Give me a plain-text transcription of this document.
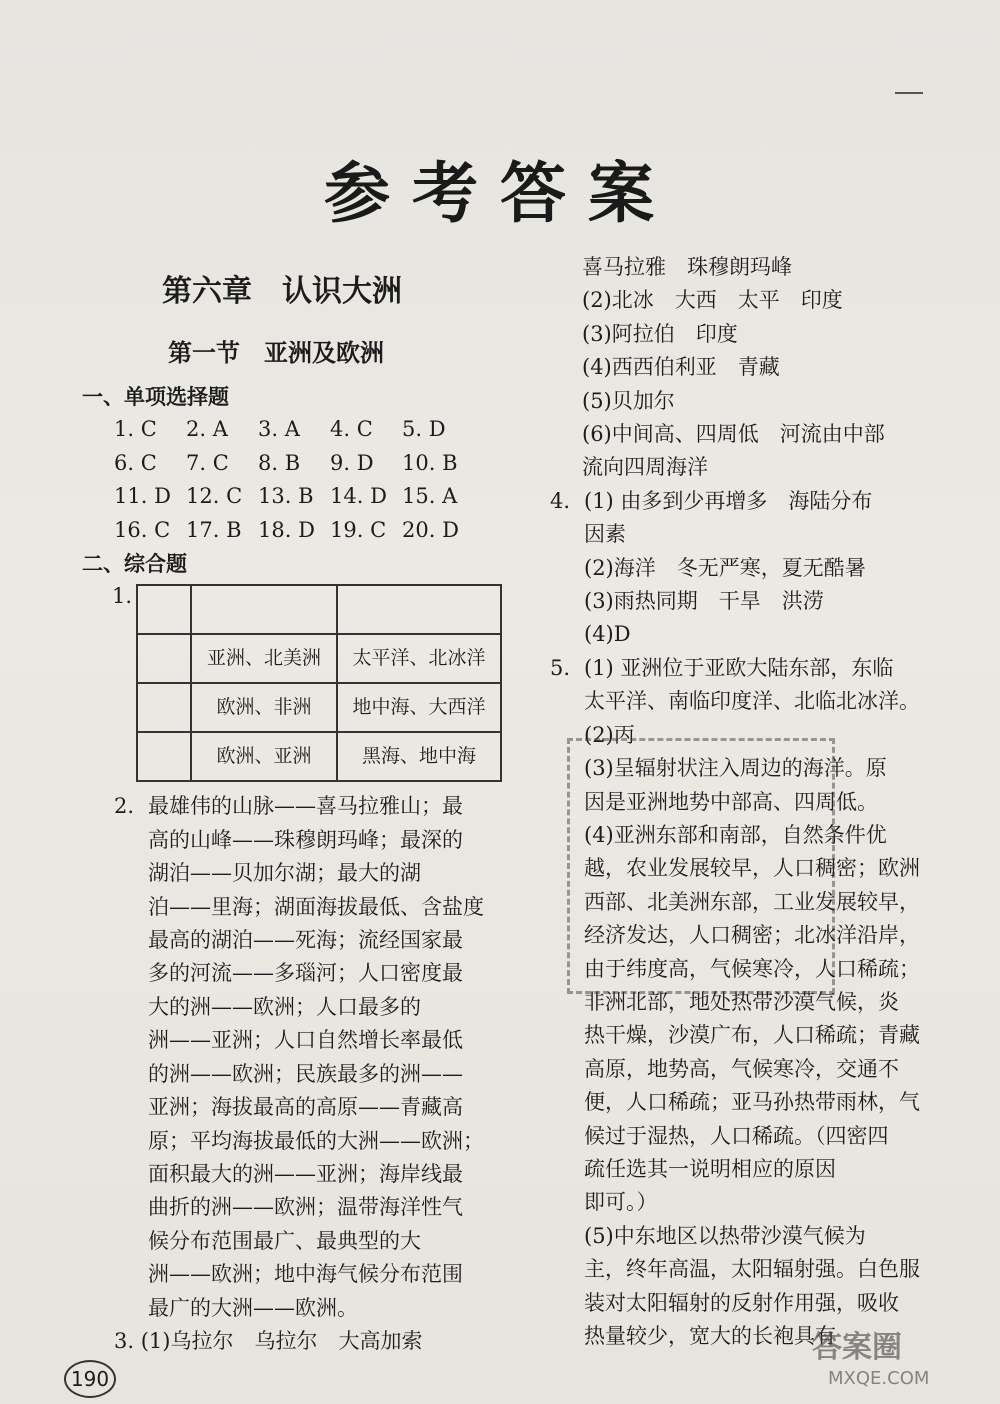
参考答案
第六章　认识大洲
第一节　亚洲及欧洲
一、单项选择题
1. C	2. A	3. A	4. C	5. D
6. C	7. C	8. B	9. D	10. B
11. D 12. C 13. B 14. D 15. A
16. C 17. B 18. D 19. C 20. D
二、综合题
1.

	亚洲、北美洲	太平洋、北冰洋
	欧洲、非洲	地中海、大西洋
	欧洲、亚洲	黑海、地中海
2. 最雄伟的山脉——喜马拉雅山；最
高的山峰——珠穆朗玛峰；最深的
湖泊——贝加尔湖；最大的湖
泊——里海；湖面海拔最低、含盐度
最高的湖泊——死海；流经国家最
多的河流——多瑙河；人口密度最
大的洲——欧洲；人口最多的
洲——亚洲；人口自然增长率最低
的洲——欧洲；民族最多的洲——
亚洲；海拔最高的高原——青藏高
原；平均海拔最低的大洲——欧洲；
面积最大的洲——亚洲；海岸线最
曲折的洲——欧洲；温带海洋性气
候分布范围最广、最典型的大
洲——欧洲；地中海气候分布范围
最广的大洲——欧洲。
3. (1)乌拉尔　乌拉尔　大高加索
喜马拉雅　珠穆朗玛峰
(2)北冰　大西　太平　印度
(3)阿拉伯　印度
(4)西西伯利亚　青藏
(5)贝加尔
(6)中间高、四周低　河流由中部
流向四周海洋
4. (1) 由多到少再增多　海陆分布
因素
(2)海洋　冬无严寒，夏无酷暑
(3)雨热同期　干旱　洪涝
(4)D
5. (1) 亚洲位于亚欧大陆东部，东临
太平洋、南临印度洋、北临北冰洋。
(2)丙
(3)呈辐射状注入周边的海洋。原
因是亚洲地势中部高、四周低。
(4)亚洲东部和南部，自然条件优
越，农业发展较早，人口稠密；欧洲
西部、北美洲东部，工业发展较早，
经济发达，人口稠密；北冰洋沿岸，
由于纬度高，气候寒冷，人口稀疏；
非洲北部，地处热带沙漠气候，炎
热干燥，沙漠广布，人口稀疏；青藏
高原，地势高，气候寒冷，交通不
便，人口稀疏；亚马孙热带雨林，气
候过于湿热，人口稀疏。（四密四
疏任选其一说明相应的原因
即可。）
(5)中东地区以热带沙漠气候为
主，终年高温，太阳辐射强。白色服
装对太阳辐射的反射作用强，吸收
热量较少，宽大的长袍具有
190
答案圈
MXQE.COM
